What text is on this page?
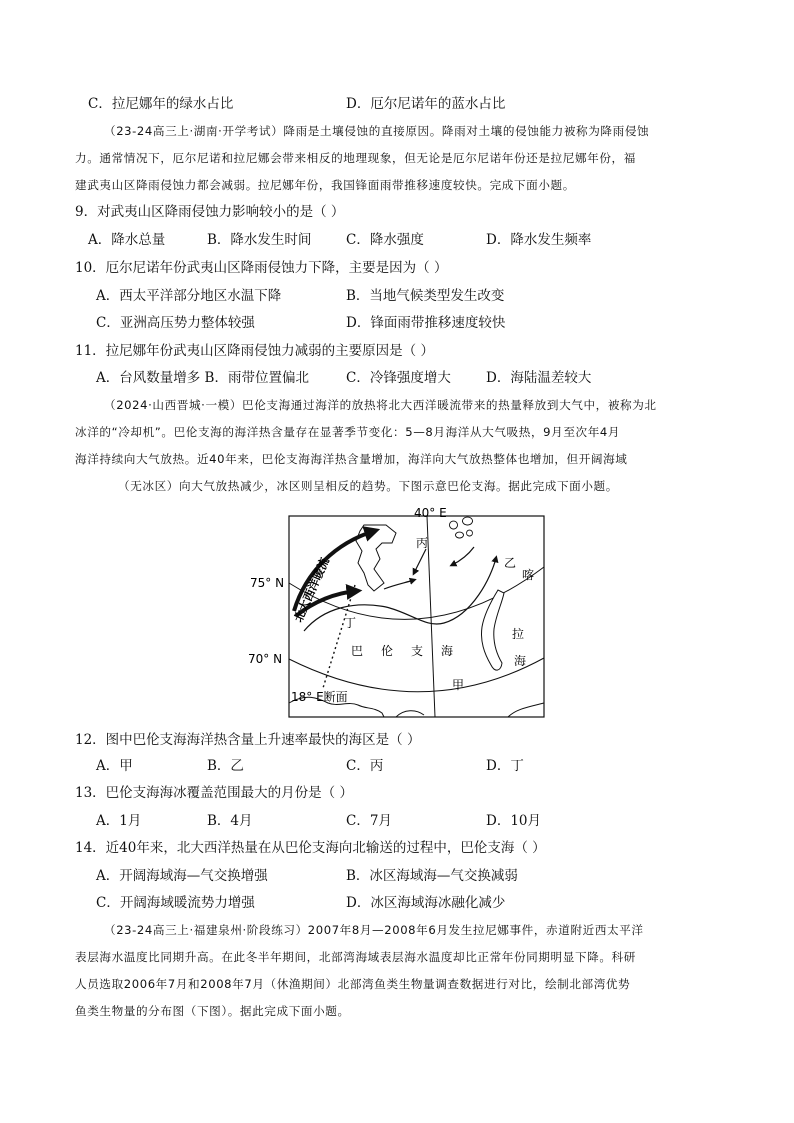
C．拉尼娜年的绿水占比	D．厄尔尼诺年的蓝水占比
（23-24高三上·湖南·开学考试）降雨是土壤侵蚀的直接原因。降雨对土壤的侵蚀能力被称为降雨侵蚀
力。通常情况下，厄尔尼诺和拉尼娜会带来相反的地理现象，但无论是厄尔尼诺年份还是拉尼娜年份，福
建武夷山区降雨侵蚀力都会减弱。拉尼娜年份，我国锋面雨带推移速度较快。完成下面小题。
9．对武夷山区降雨侵蚀力影响较小的是（ ）
A．降水总量	B．降水发生时间	C．降水强度	D．降水发生频率
10．厄尔尼诺年份武夷山区降雨侵蚀力下降，主要是因为（ ）
A．西太平洋部分地区水温下降	B．当地气候类型发生改变
C．亚洲高压势力整体较强	D．锋面雨带推移速度较快
11．拉尼娜年份武夷山区降雨侵蚀力减弱的主要原因是（ ）
A．台风数量增多 B．雨带位置偏北	C．冷锋强度增大	D．海陆温差较大
（2024·山西晋城·一模）巴伦支海通过海洋的放热将北大西洋暖流带来的热量释放到大气中，被称为北
冰洋的“冷却机”。巴伦支海的海洋热含量存在显著季节变化：5—8月海洋从大气吸热，9月至次年4月
海洋持续向大气放热。近40年来，巴伦支海海洋热含量增加，海洋向大气放热整体也增加，但开阔海域
（无冰区）向大气放热减少，冰区则呈相反的趋势。下图示意巴伦支海。据此完成下面小题。
40° E
75° N
70° N
18° E断面
丙
乙
丁
甲
巴 伦 支 海
喀
拉
海
北大西洋暖流
12．图中巴伦支海海洋热含量上升速率最快的海区是（ ）
A．甲	B．乙	C．丙	D．丁
13．巴伦支海海冰覆盖范围最大的月份是（ ）
A．1月	B．4月	C．7月	D．10月
14．近40年来，北大西洋热量在从巴伦支海向北输送的过程中，巴伦支海（ ）
A．开阔海域海—气交换增强	B．冰区海域海—气交换减弱
C．开阔海域暖流势力增强	D．冰区海域海冰融化减少
（23-24高三上·福建泉州·阶段练习）2007年8月—2008年6月发生拉尼娜事件，赤道附近西太平洋
表层海水温度比同期升高。在此冬半年期间，北部湾海域表层海水温度却比正常年份同期明显下降。科研
人员选取2006年7月和2008年7月（休渔期间）北部湾鱼类生物量调查数据进行对比，绘制北部湾优势
鱼类生物量的分布图（下图）。据此完成下面小题。
